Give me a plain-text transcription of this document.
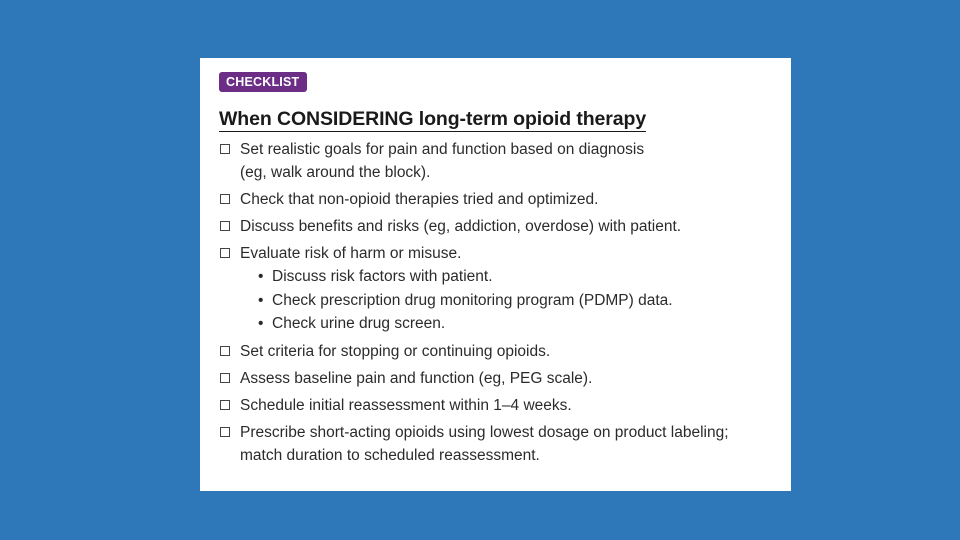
CHECKLIST
When CONSIDERING long-term opioid therapy
Set realistic goals for pain and function based on diagnosis
(eg, walk around the block).
Check that non-opioid therapies tried and optimized.
Discuss benefits and risks (eg, addiction, overdose) with patient.
Evaluate risk of harm or misuse.
• Discuss risk factors with patient.
• Check prescription drug monitoring program (PDMP) data.
• Check urine drug screen.
Set criteria for stopping or continuing opioids.
Assess baseline pain and function (eg, PEG scale).
Schedule initial reassessment within 1–4 weeks.
Prescribe short-acting opioids using lowest dosage on product labeling;
match duration to scheduled reassessment.
